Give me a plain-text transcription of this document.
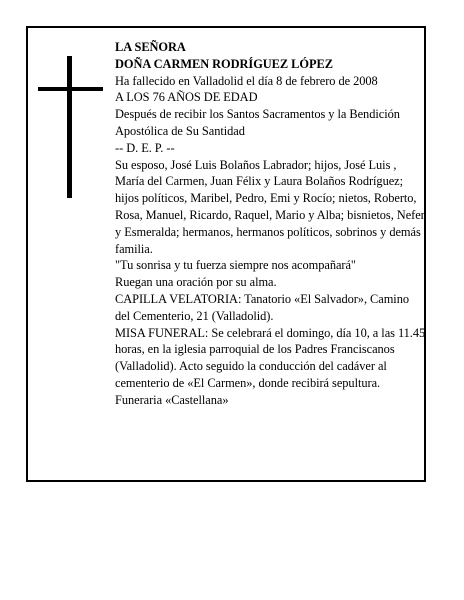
LA SEÑORA
DOÑA CARMEN RODRÍGUEZ LÓPEZ
Ha fallecido en Valladolid el día 8 de febrero de 2008
A LOS 76 AÑOS DE EDAD
Después de recibir los Santos Sacramentos y la Bendición Apostólica de Su Santidad
-- D. E. P. --
Su esposo, José Luis Bolaños Labrador; hijos, José Luis , María del Carmen, Juan Félix y Laura Bolaños Rodríguez; hijos políticos, Maribel, Pedro, Emi y Rocío; nietos, Roberto, Rosa, Manuel, Ricardo, Raquel, Mario y Alba; bisnietos, Nefer y Esmeralda; hermanos, hermanos políticos, sobrinos y demás familia.
"Tu sonrisa y tu fuerza siempre nos acompañará"
Ruegan una oración por su alma.
CAPILLA VELATORIA: Tanatorio «El Salvador», Camino del Cementerio, 21 (Valladolid).
MISA FUNERAL: Se celebrará el domingo, día 10, a las 11.45 horas, en la iglesia parroquial de los Padres Franciscanos (Valladolid). Acto seguido la conducción del cadáver al cementerio de «El Carmen», donde recibirá sepultura.
Funeraria «Castellana»
